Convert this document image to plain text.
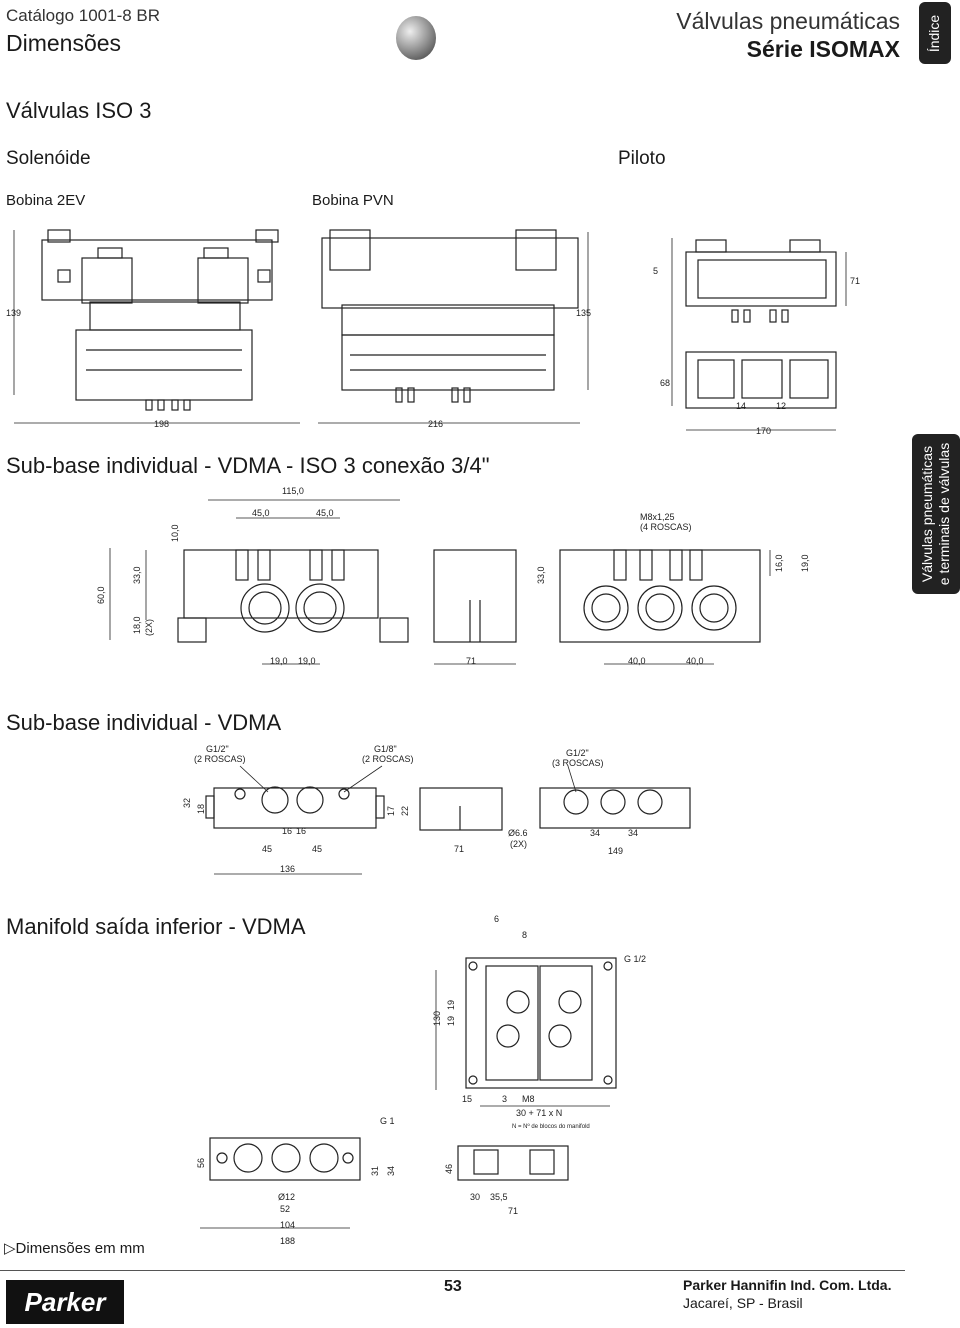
Catálogo 1001-8 BR
Dimensões
Válvulas pneumáticas
Série ISOMAX Índice
Válvulas pneumáticas
e terminais de válvulas
Válvulas ISO 3
Solenóide	Piloto
Bobina 2EV	Bobina PVN
Sub-base individual - VDMA - ISO 3 conexão 3/4"
Sub-base individual - VDMA
Manifold saída inferior - VDMA
139
198	216
135
5
71
68
14	12
170
115,0
45,0	45,0
10,0
33,0
60,0
18,0 (2X)
19,0 19,0	71
33,0
M8x1,25
(4 ROSCAS)
16,0 19,0
40,0	40,0
G1/2"
(2 ROSCAS)
G1/8"
(2 ROSCAS)
G1/2"
(3 ROSCAS)
32
18	17 22
16 16
45	45
136
71
Ø6.6
(2X)
34	34
149
6
8
G 1/2
130 19
19
15	3 M8
30 + 71 x N
N = Nº de blocos do manifold
G 1
56
31 34
Ø12
52
104
46
30 35,5
71
188
▷Dimensões em mm
Parker	53	Parker Hannifin Ind. Com. Ltda.
Jacareí, SP - Brasil
